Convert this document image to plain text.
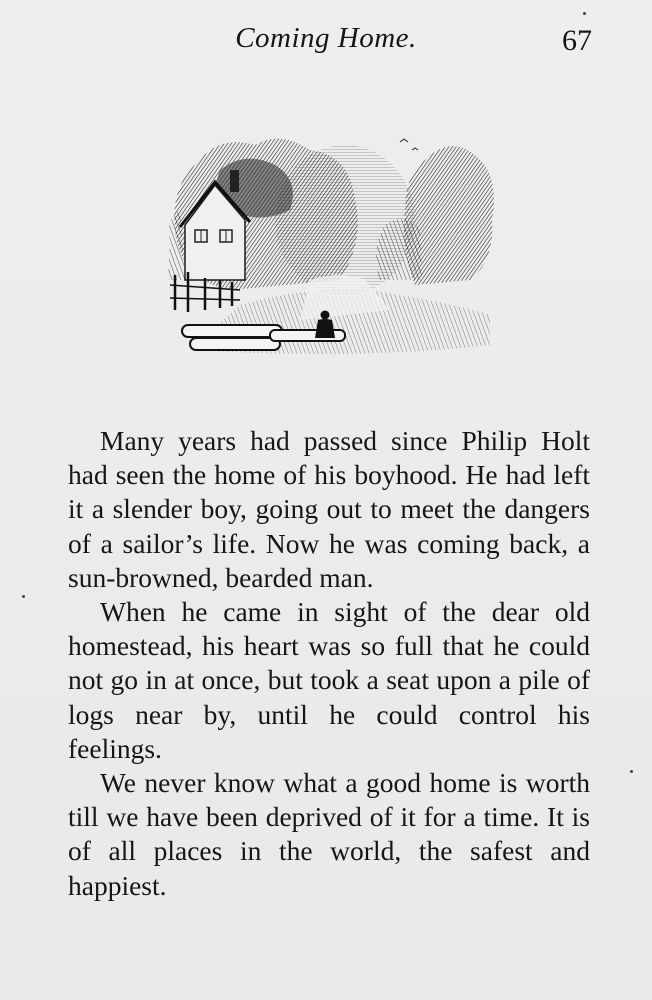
Coming Home.	67

Many years had passed since Philip Holt had seen the home of his boyhood. He had left it a slender boy, going out to meet the dangers of a sailor’s life. Now he was coming back, a sun-browned, bearded man.

When he came in sight of the dear old homestead, his heart was so full that he could not go in at once, but took a seat upon a pile of logs near by, until he could control his feelings.

We never know what a good home is worth till we have been deprived of it for a time. It is of all places in the world, the safest and happiest.
